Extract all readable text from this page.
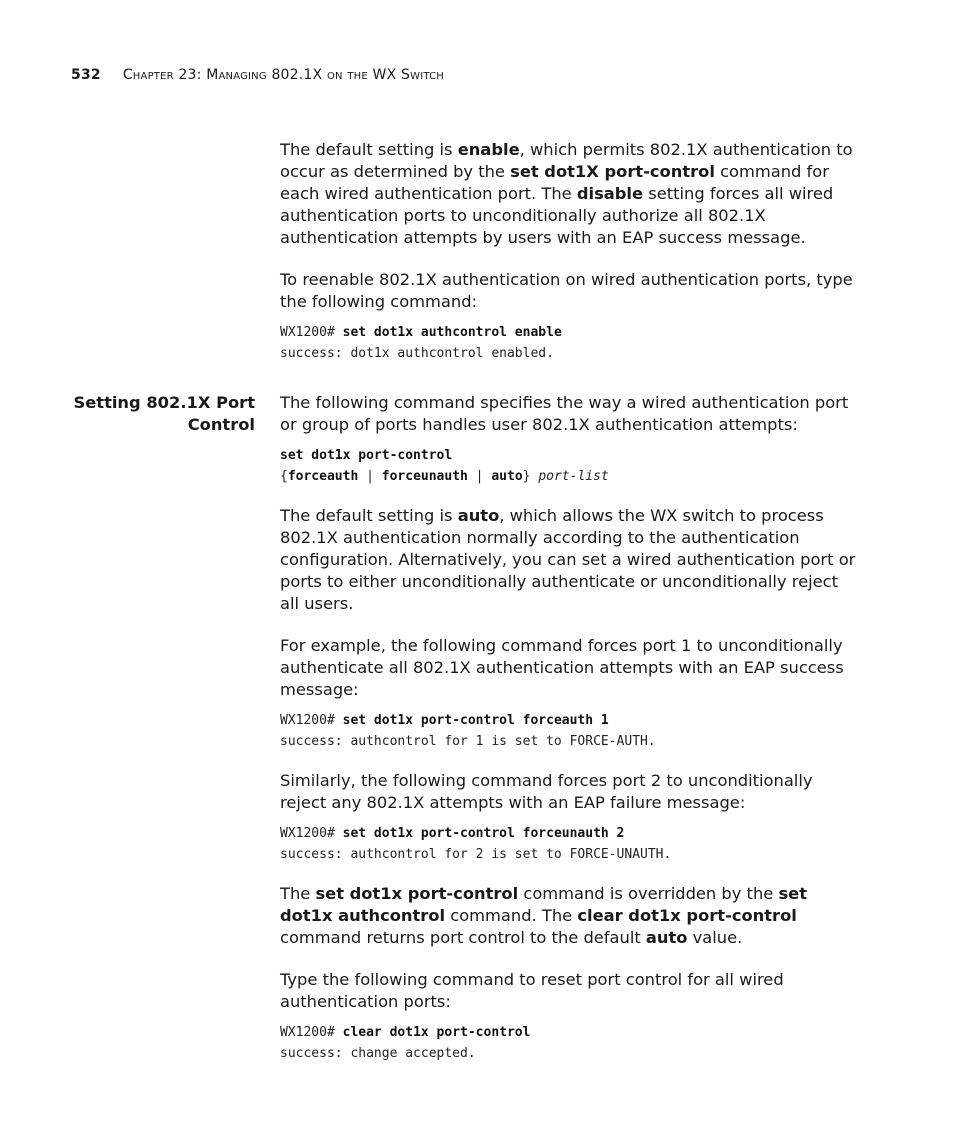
532 Chapter 23: Managing 802.1X on the WX Switch

The default setting is enable, which permits 802.1X authentication to occur as determined by the set dot1X port-control command for each wired authentication port. The disable setting forces all wired authentication ports to unconditionally authorize all 802.1X authentication attempts by users with an EAP success message.

To reenable 802.1X authentication on wired authentication ports, type the following command:

WX1200# set dot1x authcontrol enable

success: dot1x authcontrol enabled.

Setting 802.1X Port
Control

The following command specifies the way a wired authentication port or group of ports handles user 802.1X authentication attempts:

set dot1x port-control

{forceauth | forceunauth | auto} port-list

The default setting is auto, which allows the WX switch to process 802.1X authentication normally according to the authentication configuration. Alternatively, you can set a wired authentication port or ports to either unconditionally authenticate or unconditionally reject all users.

For example, the following command forces port 1 to unconditionally authenticate all 802.1X authentication attempts with an EAP success message:

WX1200# set dot1x port-control forceauth 1

success: authcontrol for 1 is set to FORCE-AUTH.

Similarly, the following command forces port 2 to unconditionally reject any 802.1X attempts with an EAP failure message:

WX1200# set dot1x port-control forceunauth 2

success: authcontrol for 2 is set to FORCE-UNAUTH.

The set dot1x port-control command is overridden by the set dot1x authcontrol command. The clear dot1x port-control command returns port control to the default auto value.

Type the following command to reset port control for all wired authentication ports:

WX1200# clear dot1x port-control

success: change accepted.
